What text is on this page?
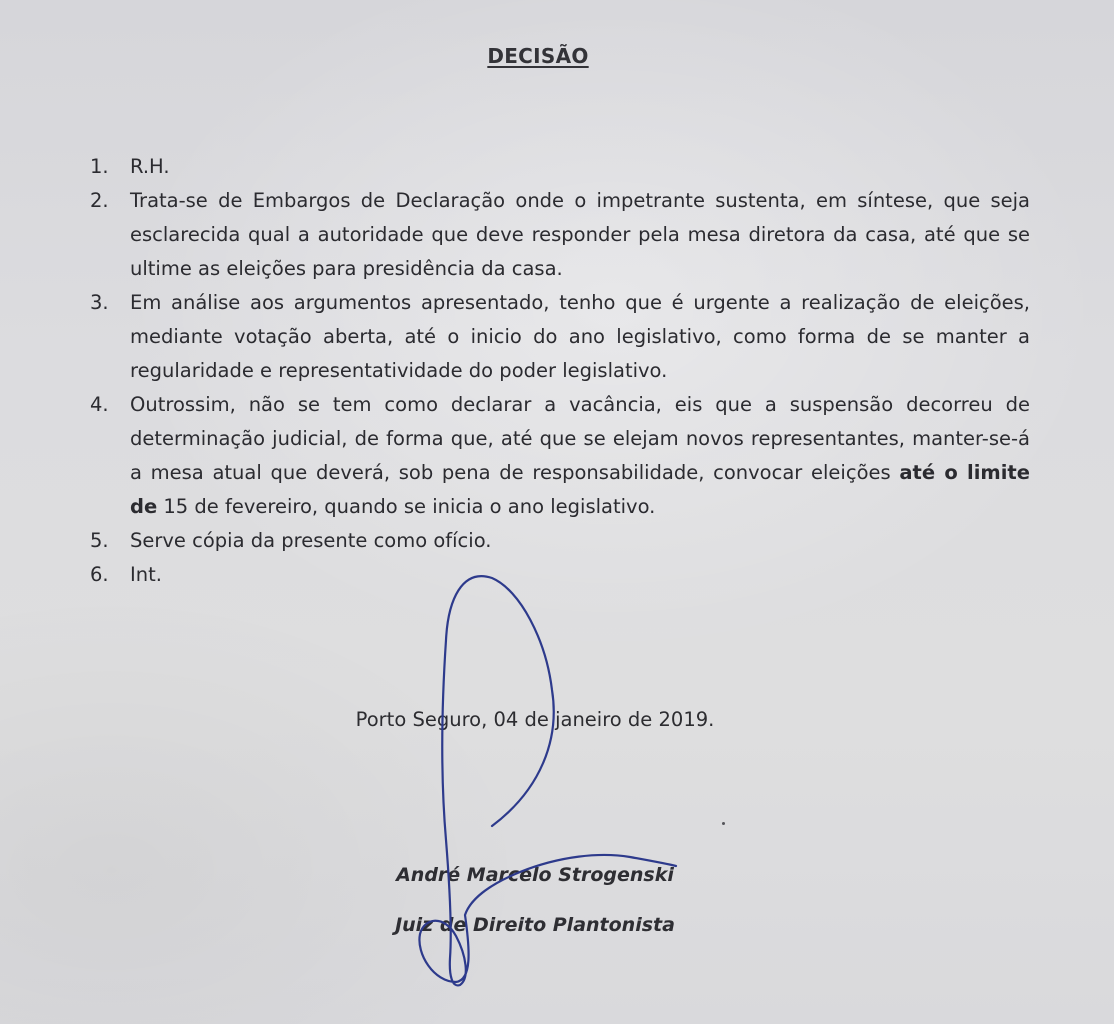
DECISÃO
1. R.H.
2. Trata-se de Embargos de Declaração onde o impetrante sustenta, em síntese, que seja esclarecida qual a autoridade que deve responder pela mesa diretora da casa, até que se ultime as eleições para presidência da casa.
3. Em análise aos argumentos apresentado, tenho que é urgente a realização de eleições, mediante votação aberta, até o inicio do ano legislativo, como forma de se manter a regularidade e representatividade do poder legislativo.
4. Outrossim, não se tem como declarar a vacância, eis que a suspensão decorreu de determinação judicial, de forma que, até que se elejam novos representantes, manter-se-á a mesa atual que deverá, sob pena de responsabilidade, convocar eleições até o limite de 15 de fevereiro, quando se inicia o ano legislativo.
5. Serve cópia da presente como ofício.
6. Int.
Porto Seguro, 04 de janeiro de 2019.
André Marcelo Strogenski
Juiz de Direito Plantonista
